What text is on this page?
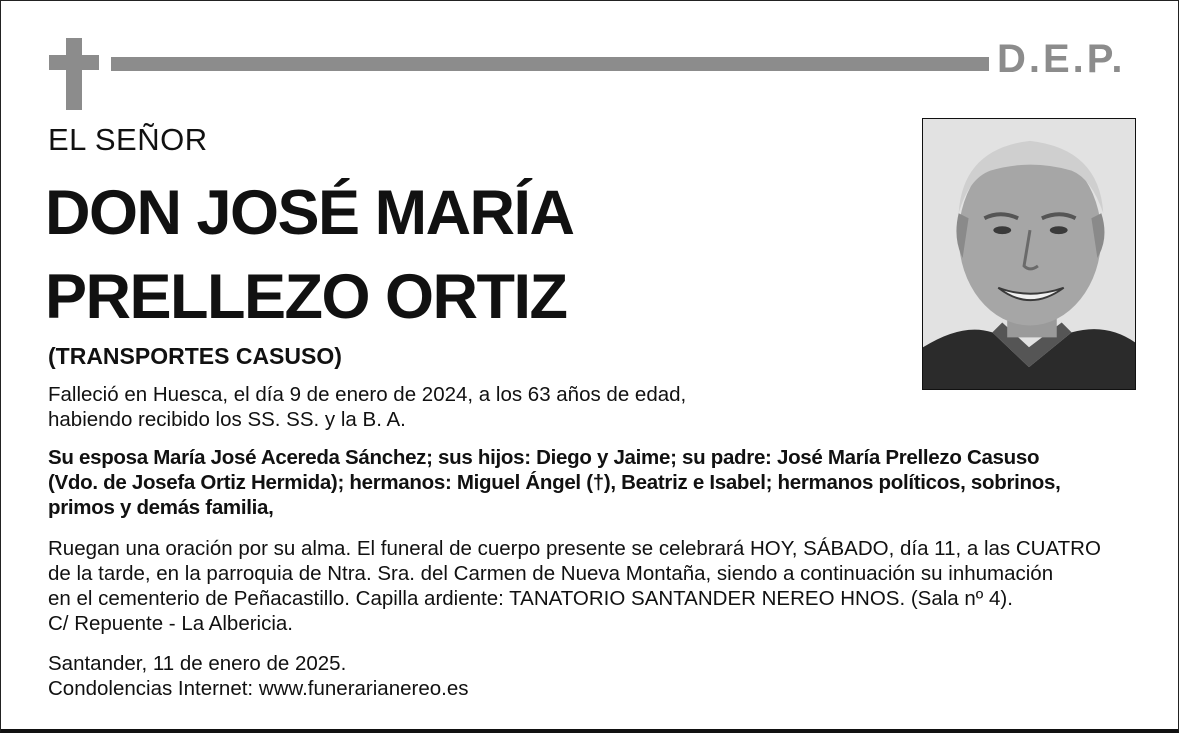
D.E.P.
EL SEÑOR
DON JOSÉ MARÍA
PRELLEZO ORTIZ
(TRANSPORTES CASUSO)
Falleció en Huesca, el día 9 de enero de 2024, a los 63 años de edad,
habiendo recibido los SS. SS. y la B. A.
Su esposa María José Acereda Sánchez; sus hijos: Diego y Jaime; su padre: José María Prellezo Casuso
(Vdo. de Josefa Ortiz Hermida); hermanos: Miguel Ángel (†), Beatriz e Isabel; hermanos políticos, sobrinos,
primos y demás familia,
Ruegan una oración por su alma. El funeral de cuerpo presente se celebrará HOY, SÁBADO, día 11, a las CUATRO
de la tarde, en la parroquia de Ntra. Sra. del Carmen de Nueva Montaña, siendo a continuación su inhumación
en el cementerio de Peñacastillo. Capilla ardiente: TANATORIO SANTANDER NEREO HNOS. (Sala nº 4).
C/ Repuente - La Albericia.
Santander, 11 de enero de 2025.
Condolencias Internet: www.funerarianereo.es
